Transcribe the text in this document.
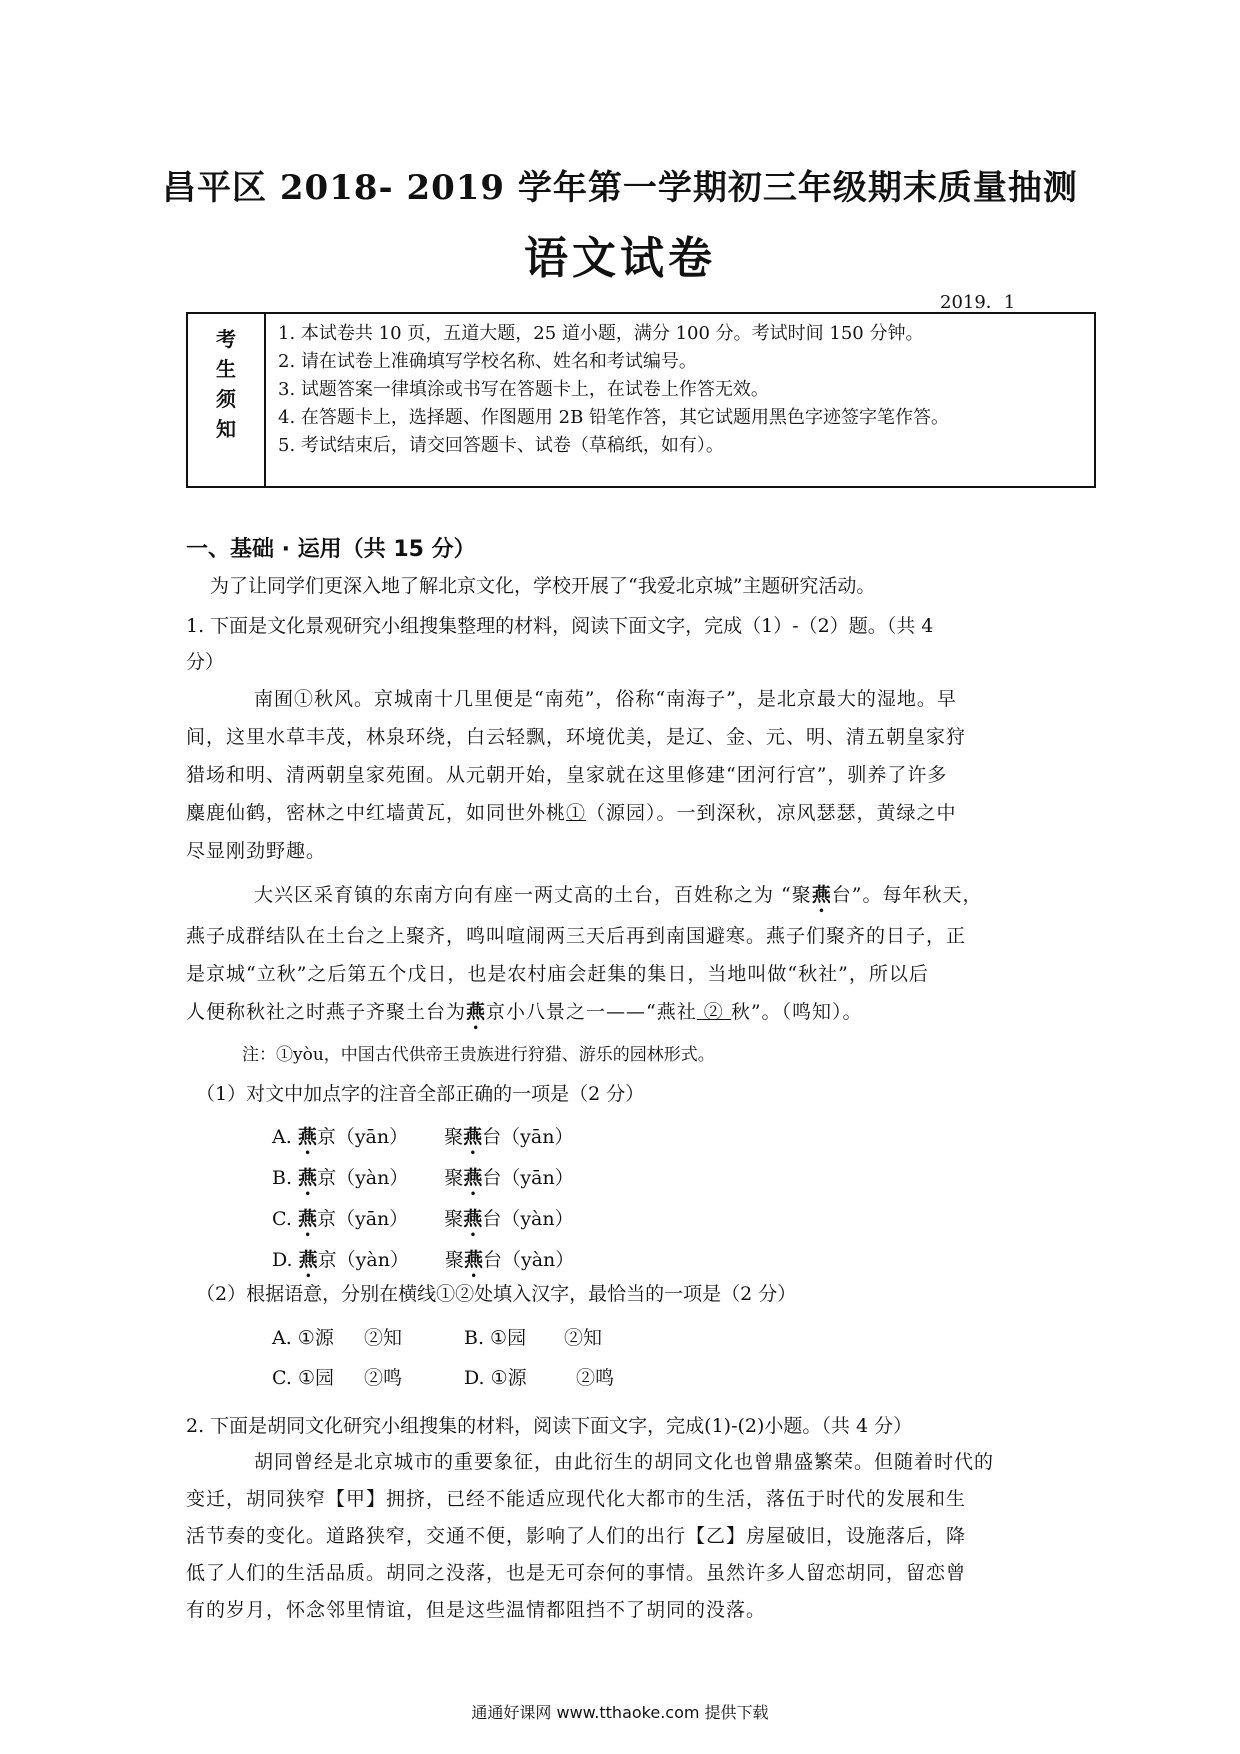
昌平区 2018- 2019 学年第一学期初三年级期末质量抽测
语文试卷
2019．1
考
生
须
知
1. 本试卷共 10 页，五道大题，25 道小题，满分 100 分。考试时间 150 分钟。
2. 请在试卷上准确填写学校名称、姓名和考试编号。
3. 试题答案一律填涂或书写在答题卡上，在试卷上作答无效。
4. 在答题卡上，选择题、作图题用 2B 铅笔作答，其它试题用黑色字迹签字笔作答。
5. 考试结束后，请交回答题卡、试卷（草稿纸，如有）。
一、基础 · 运用（共 15 分）
为了让同学们更深入地了解北京文化，学校开展了“我爱北京城”主题研究活动。
1. 下面是文化景观研究小组搜集整理的材料，阅读下面文字，完成（1）-（2）题。（共 4
分）
南囿①秋风。京城南十几里便是“南苑”，俗称“南海子”，是北京最大的湿地。早
间，这里水草丰茂，林泉环绕，白云轻飘，环境优美，是辽、金、元、明、清五朝皇家狩
猎场和明、清两朝皇家苑囿。从元朝开始，皇家就在这里修建“团河行宫”，驯养了许多
麋鹿仙鹤，密林之中红墙黄瓦，如同世外桃①（源园）。一到深秋，凉风瑟瑟，黄绿之中
尽显刚劲野趣。
大兴区采育镇的东南方向有座一两丈高的土台，百姓称之为 “聚燕台”。每年秋天，
燕子成群结队在土台之上聚齐，鸣叫喧闹两三天后再到南国避寒。燕子们聚齐的日子，正
是京城“立秋”之后第五个戊日，也是农村庙会赶集的集日，当地叫做“秋社”，所以后
人便称秋社之时燕子齐聚土台为燕京小八景之一——“燕社 ② 秋”。（鸣知）。
注：①yòu，中国古代供帝王贵族进行狩猎、游乐的园林形式。
（1）对文中加点字的注音全部正确的一项是（2 分）
A. 燕京（yān） 聚燕台（yān）
B. 燕京（yàn） 聚燕台（yān）
C. 燕京（yān） 聚燕台（yàn）
D. 燕京（yàn） 聚燕台（yàn）
（2）根据语意，分别在横线①②处填入汉字，最恰当的一项是（2 分）
A. ①源 ②知	B. ①园 ②知
C. ①园 ②鸣	D. ①源	②鸣
2. 下面是胡同文化研究小组搜集的材料，阅读下面文字，完成(1)-(2)小题。（共 4 分）
胡同曾经是北京城市的重要象征，由此衍生的胡同文化也曾鼎盛繁荣。但随着时代的
变迁，胡同狭窄【甲】拥挤，已经不能适应现代化大都市的生活，落伍于时代的发展和生
活节奏的变化。道路狭窄，交通不便，影响了人们的出行【乙】房屋破旧，设施落后，降
低了人们的生活品质。胡同之没落，也是无可奈何的事情。虽然许多人留恋胡同，留恋曾
有的岁月，怀念邻里情谊，但是这些温情都阻挡不了胡同的没落。
通通好课网 www.tthaoke.com 提供下载
